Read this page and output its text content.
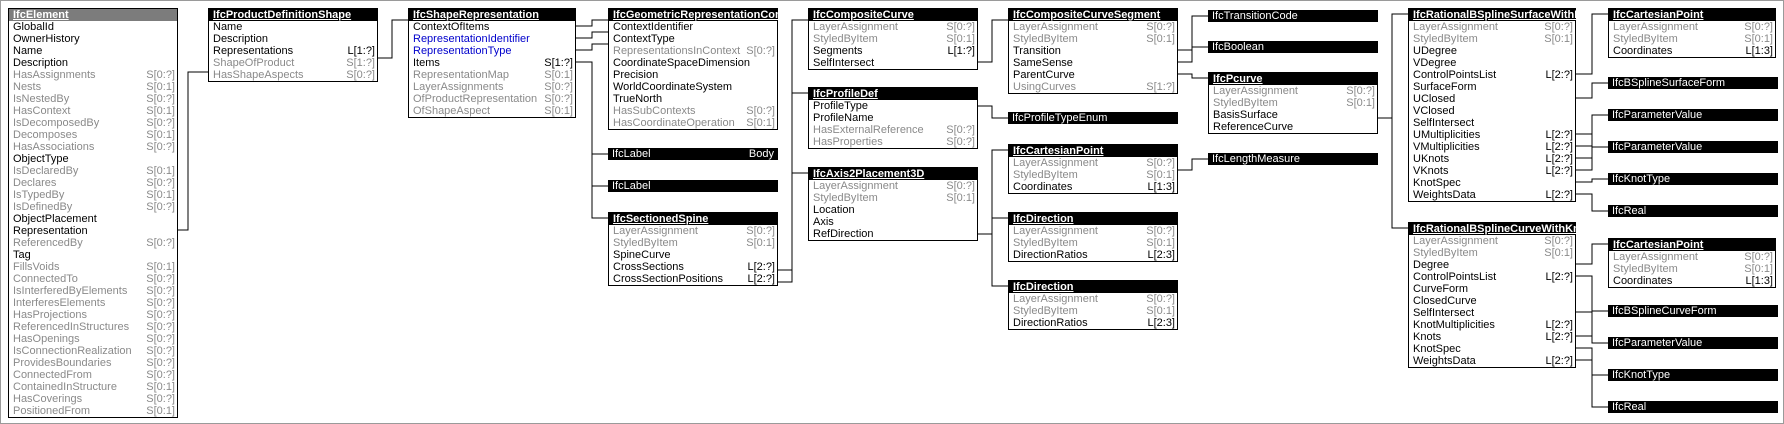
IfcElement
GlobalId
OwnerHistory
Name
Description
HasAssignments	S[0:?]
Nests	S[0:1]
IsNestedBy	S[0:?]
HasContext	S[0:1]
IsDecomposedBy	S[0:?]
Decomposes	S[0:1]
HasAssociations	S[0:?]
ObjectType
IsDeclaredBy	S[0:1]
Declares	S[0:?]
IsTypedBy	S[0:1]
IsDefinedBy	S[0:?]
ObjectPlacement
Representation
ReferencedBy	S[0:?]
Tag
FillsVoids	S[0:1]
ConnectedTo	S[0:?]
IsInterferedByElements	S[0:?]
InterferesElements	S[0:?]
HasProjections	S[0:?]
ReferencedInStructures	S[0:?]
HasOpenings	S[0:?]
IsConnectionRealization	S[0:?]
ProvidesBoundaries	S[0:?]
ConnectedFrom	S[0:?]
ContainedInStructure	S[0:1]
HasCoverings	S[0:?]
PositionedFrom	S[0:1]
IfcProductDefinitionShape
Name
Description
Representations	L[1:?]
ShapeOfProduct	S[1:?]
HasShapeAspects	S[0:?]
IfcShapeRepresentation
ContextOfItems
RepresentationIdentifier
RepresentationType
Items	S[1:?]
RepresentationMap	S[0:1]
LayerAssignments	S[0:?]
OfProductRepresentation S[0:?]
OfShapeAspect	S[0:1]
IfcGeometricRepresentationContext
ContextIdentifier
ContextType
RepresentationsInContext S[0:?]
CoordinateSpaceDimension
Precision
WorldCoordinateSystem
TrueNorth
HasSubContexts	S[0:?]
HasCoordinateOperation	S[0:1]
IfcSectionedSpine
LayerAssignment	S[0:?]
StyledByItem	S[0:1]
SpineCurve
CrossSections	L[2:?]
CrossSectionPositions	L[2:?]
IfcCompositeCurve
LayerAssignment	S[0:?]
StyledByItem	S[0:1]
Segments	L[1:?]
SelfIntersect
IfcProfileDef
ProfileType
ProfileName
HasExternalReference	S[0:?]
HasProperties	S[0:?]
IfcAxis2Placement3D
LayerAssignment	S[0:?]
StyledByItem	S[0:1]
Location
Axis
RefDirection
IfcCompositeCurveSegment
LayerAssignment	S[0:?]
StyledByItem	S[0:1]
Transition
SameSense
ParentCurve
UsingCurves	S[1:?]
IfcCartesianPoint
LayerAssignment	S[0:?]
StyledByItem	S[0:1]
Coordinates	L[1:3]
IfcDirection
LayerAssignment	S[0:?]
StyledByItem	S[0:1]
DirectionRatios	L[2:3]
IfcDirection
LayerAssignment	S[0:?]
StyledByItem	S[0:1]
DirectionRatios	L[2:3]
IfcPcurve
LayerAssignment	S[0:?]
StyledByItem	S[0:1]
BasisSurface
ReferenceCurve
IfcRationalBSplineSurfaceWithKnots
LayerAssignment	S[0:?]
StyledByItem	S[0:1]
UDegree
VDegree
ControlPointsList	L[2:?]
SurfaceForm
UClosed
VClosed
SelfIntersect
UMultiplicities	L[2:?]
VMultiplicities	L[2:?]
UKnots	L[2:?]
VKnots	L[2:?]
KnotSpec
WeightsData	L[2:?]
IfcRationalBSplineCurveWithKnots
LayerAssignment	S[0:?]
StyledByItem	S[0:1]
Degree
ControlPointsList	L[2:?]
CurveForm
ClosedCurve
SelfIntersect
KnotMultiplicities	L[2:?]
Knots	L[2:?]
KnotSpec
WeightsData	L[2:?]
IfcCartesianPoint
LayerAssignment	S[0:?]
StyledByItem	S[0:1]
Coordinates	L[1:3]
IfcCartesianPoint
LayerAssignment	S[0:?]
StyledByItem	S[0:1]
Coordinates	L[1:3]
IfcLabel	Body
IfcLabel
IfcProfileTypeEnum
IfcTransitionCode
IfcBoolean
IfcLengthMeasure
IfcBSplineSurfaceForm
IfcParameterValue
IfcParameterValue
IfcKnotType
IfcReal
IfcBSplineCurveForm
IfcParameterValue
IfcKnotType
IfcReal
